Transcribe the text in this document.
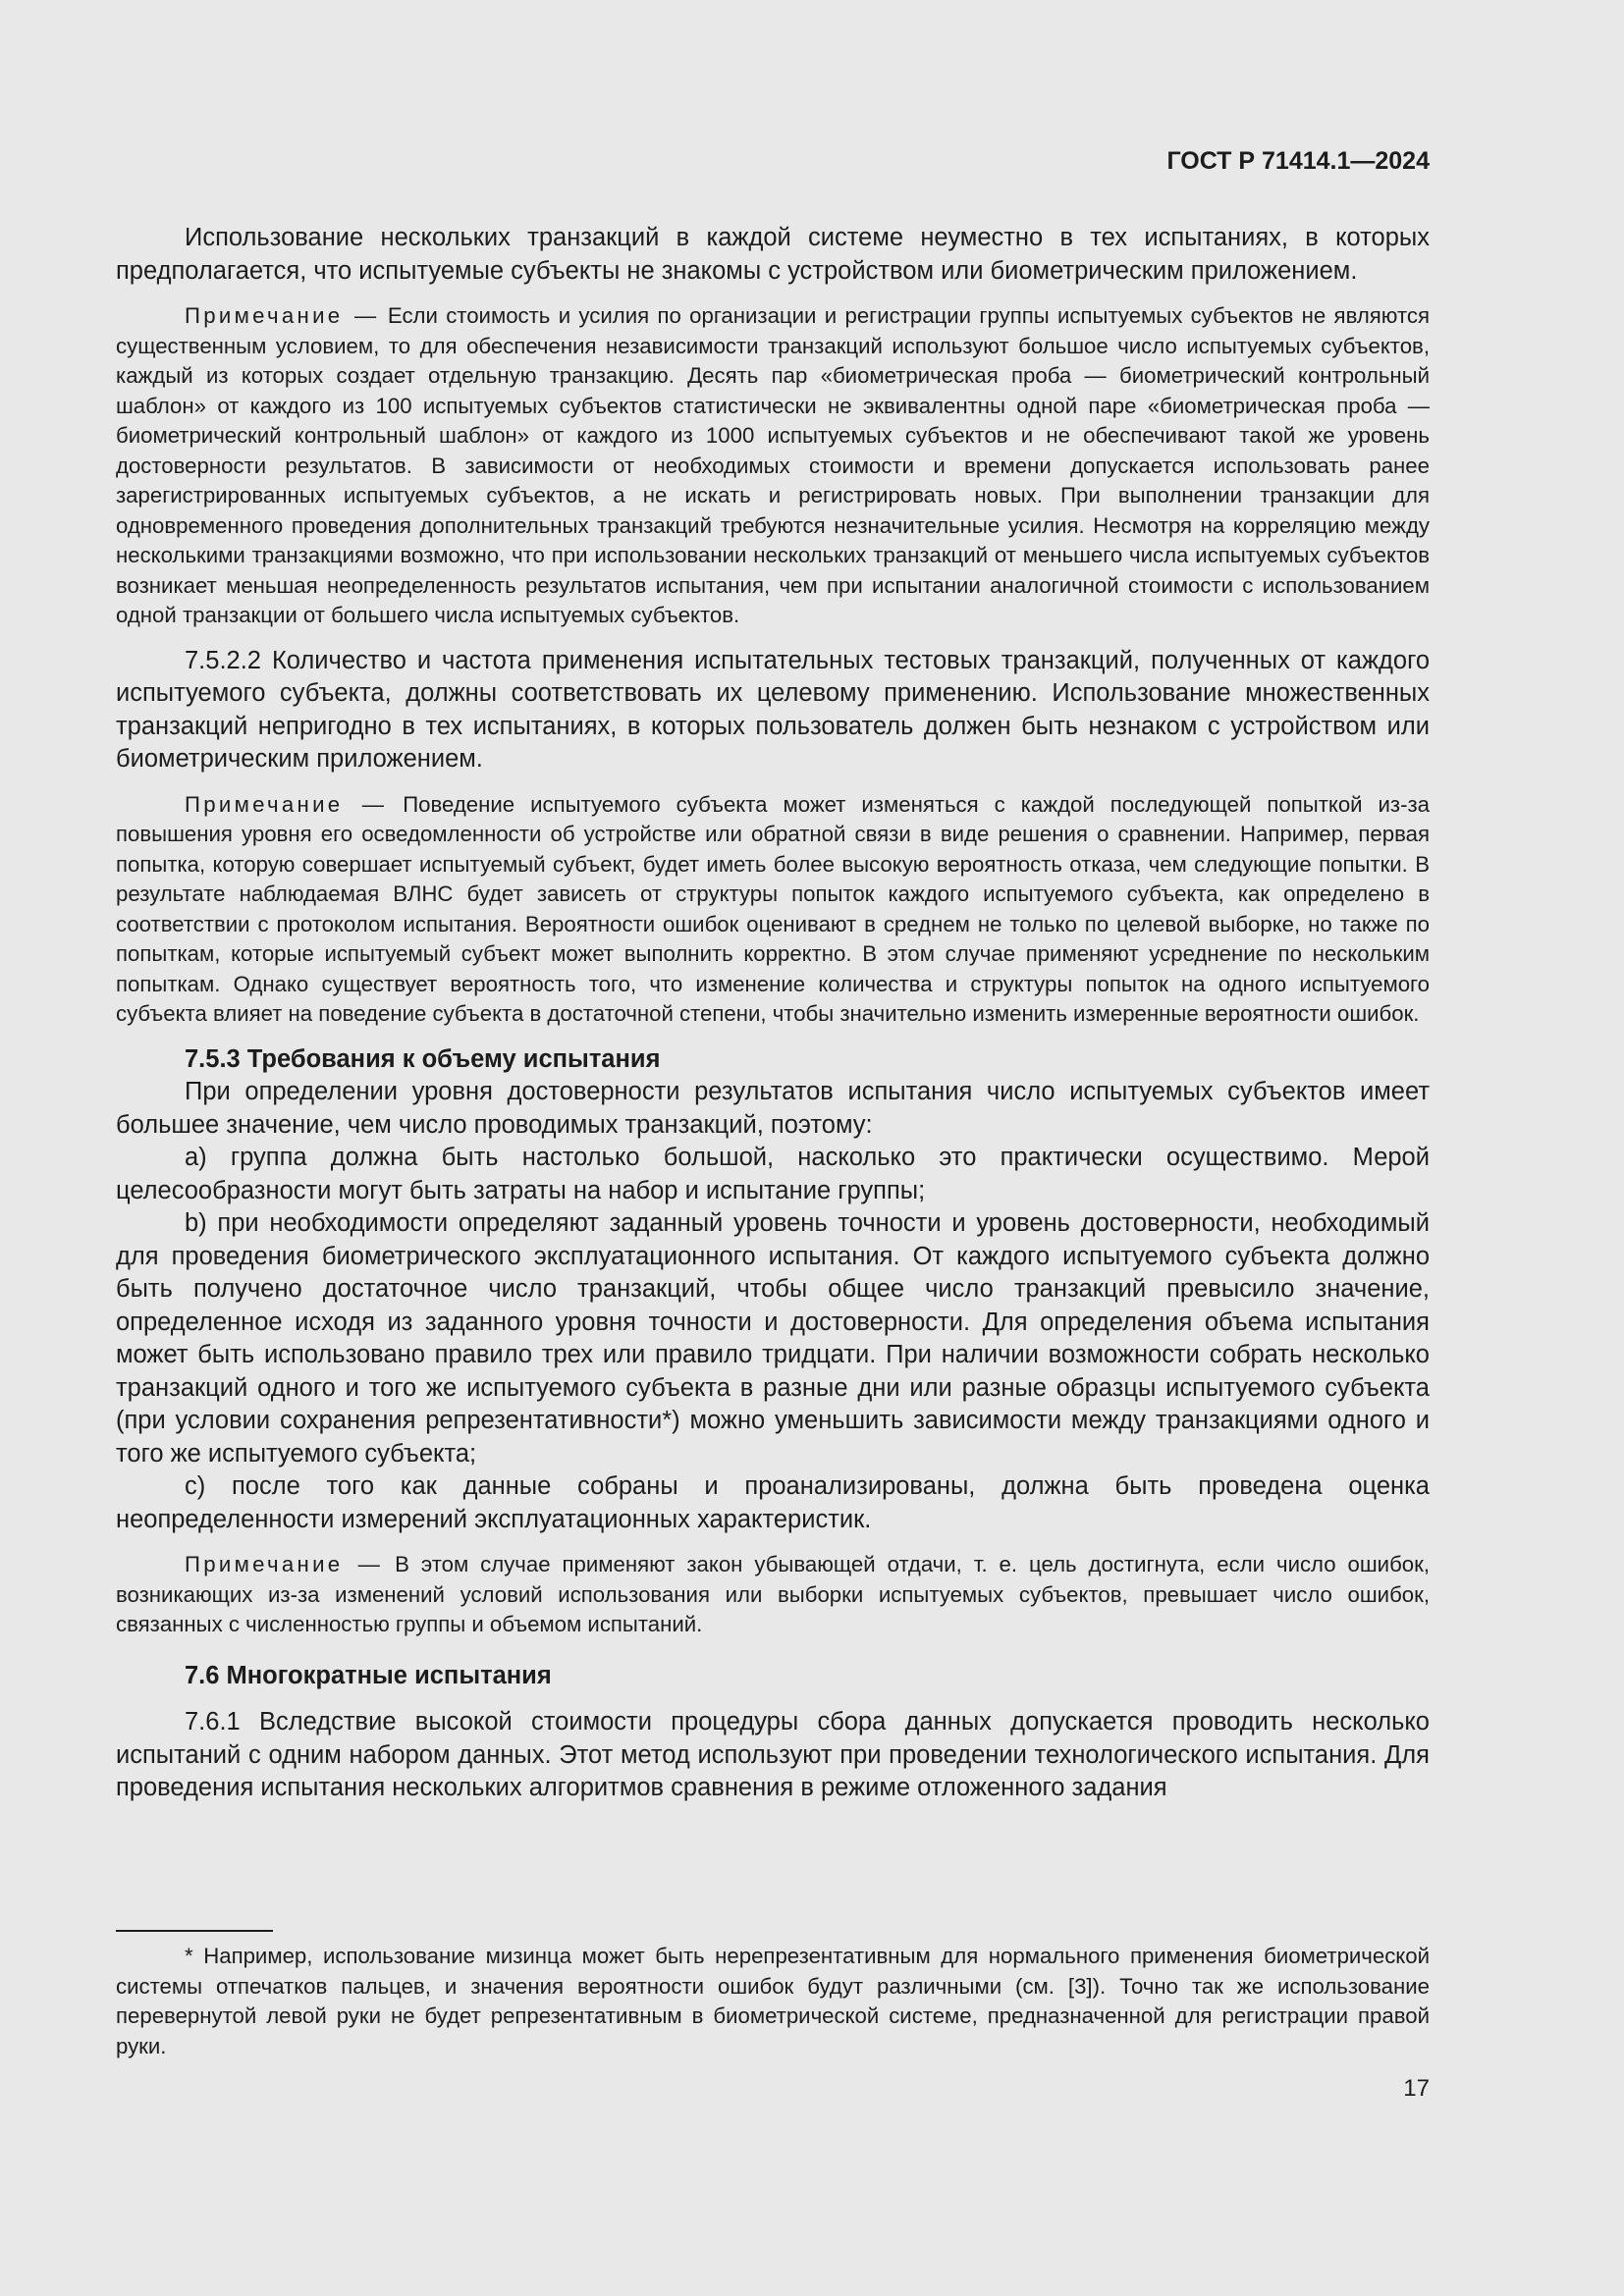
ГОСТ Р 71414.1—2024

Использование нескольких транзакций в каждой системе неуместно в тех испытаниях, в которых предполагается, что испытуемые субъекты не знакомы с устройством или биометрическим приложением.

Примечание — Если стоимость и усилия по организации и регистрации группы испытуемых субъектов не являются существенным условием, то для обеспечения независимости транзакций используют большое число испытуемых субъектов, каждый из которых создает отдельную транзакцию. Десять пар «биометрическая проба — биометрический контрольный шаблон» от каждого из 100 испытуемых субъектов статистически не эквивалентны одной паре «биометрическая проба — биометрический контрольный шаблон» от каждого из 1000 испытуемых субъектов и не обеспечивают такой же уровень достоверности результатов. В зависимости от необходимых стоимости и времени допускается использовать ранее зарегистрированных испытуемых субъектов, а не искать и регистрировать новых. При выполнении транзакции для одновременного проведения дополнительных транзакций требуются незначительные усилия. Несмотря на корреляцию между несколькими транзакциями возможно, что при использовании нескольких транзакций от меньшего числа испытуемых субъектов возникает меньшая неопределенность результатов испытания, чем при испытании аналогичной стоимости с использованием одной транзакции от большего числа испытуемых субъектов.

7.5.2.2 Количество и частота применения испытательных тестовых транзакций, полученных от каждого испытуемого субъекта, должны соответствовать их целевому применению. Использование множественных транзакций непригодно в тех испытаниях, в которых пользователь должен быть незнаком с устройством или биометрическим приложением.

Примечание — Поведение испытуемого субъекта может изменяться с каждой последующей попыткой из-за повышения уровня его осведомленности об устройстве или обратной связи в виде решения о сравнении. Например, первая попытка, которую совершает испытуемый субъект, будет иметь более высокую вероятность отказа, чем следующие попытки. В результате наблюдаемая ВЛНС будет зависеть от структуры попыток каждого испытуемого субъекта, как определено в соответствии с протоколом испытания. Вероятности ошибок оценивают в среднем не только по целевой выборке, но также по попыткам, которые испытуемый субъект может выполнить корректно. В этом случае применяют усреднение по нескольким попыткам. Однако существует вероятность того, что изменение количества и структуры попыток на одного испытуемого субъекта влияет на поведение субъекта в достаточной степени, чтобы значительно изменить измеренные вероятности ошибок.

7.5.3 Требования к объему испытания

При определении уровня достоверности результатов испытания число испытуемых субъектов имеет большее значение, чем число проводимых транзакций, поэтому:

a) группа должна быть настолько большой, насколько это практически осуществимо. Мерой целесообразности могут быть затраты на набор и испытание группы;

b) при необходимости определяют заданный уровень точности и уровень достоверности, необходимый для проведения биометрического эксплуатационного испытания. От каждого испытуемого субъекта должно быть получено достаточное число транзакций, чтобы общее число транзакций превысило значение, определенное исходя из заданного уровня точности и достоверности. Для определения объема испытания может быть использовано правило трех или правило тридцати. При наличии возможности собрать несколько транзакций одного и того же испытуемого субъекта в разные дни или разные образцы испытуемого субъекта (при условии сохранения репрезентативности*) можно уменьшить зависимости между транзакциями одного и того же испытуемого субъекта;

c) после того как данные собраны и проанализированы, должна быть проведена оценка неопределенности измерений эксплуатационных характеристик.

Примечание — В этом случае применяют закон убывающей отдачи, т. е. цель достигнута, если число ошибок, возникающих из-за изменений условий использования или выборки испытуемых субъектов, превышает число ошибок, связанных с численностью группы и объемом испытаний.

7.6 Многократные испытания

7.6.1 Вследствие высокой стоимости процедуры сбора данных допускается проводить несколько испытаний с одним набором данных. Этот метод используют при проведении технологического испытания. Для проведения испытания нескольких алгоритмов сравнения в режиме отложенного задания

* Например, использование мизинца может быть нерепрезентативным для нормального применения биометрической системы отпечатков пальцев, и значения вероятности ошибок будут различными (см. [3]). Точно так же использование перевернутой левой руки не будет репрезентативным в биометрической системе, предназначенной для регистрации правой руки.

17
